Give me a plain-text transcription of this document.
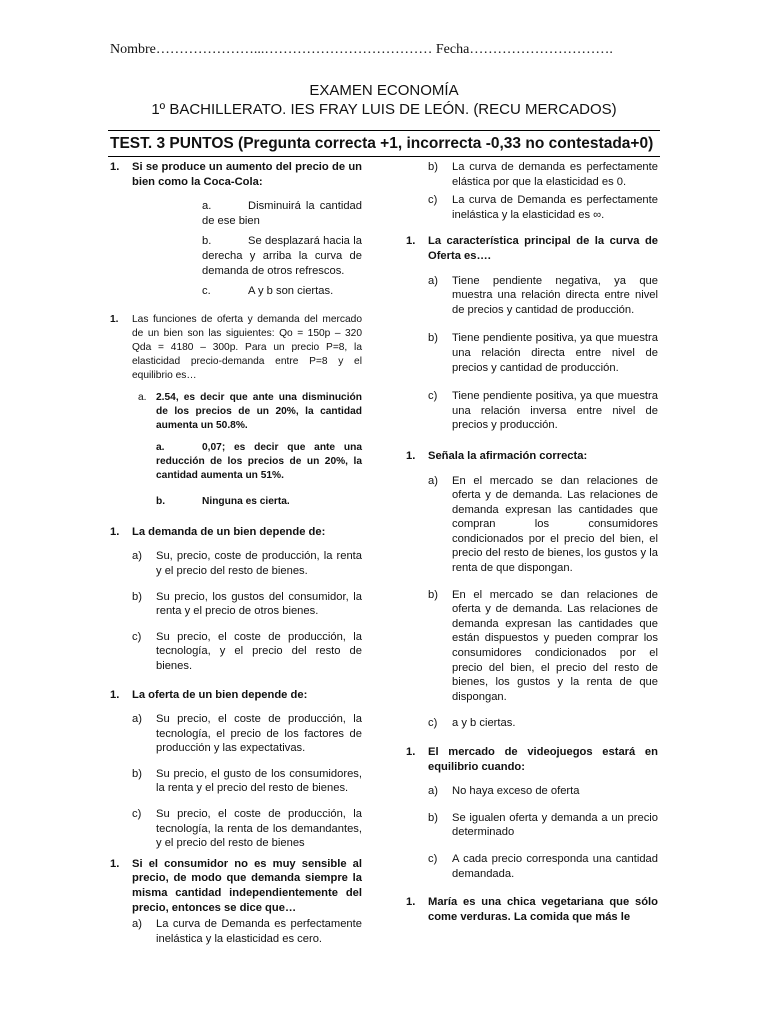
Nombre…………………...……………………………… Fecha………………………….
EXAMEN ECONOMÍA
1º BACHILLERATO. IES FRAY LUIS DE LEÓN. (RECU MERCADOS)
TEST. 3 PUNTOS (Pregunta correcta +1, incorrecta -0,33 no contestada+0)
1.	Si se produce un aumento del precio de un bien como la Coca-Cola:
a.	Disminuirá la cantidad de ese bien
b.	Se desplazará hacia la derecha y arriba la curva de demanda de otros refrescos.
c.	A y b son ciertas.
1.	Las funciones de oferta y demanda del mercado de un bien son las siguientes: Qo = 150p – 320 Qda = 4180 – 300p. Para un precio P=8, la elasticidad precio-demanda entre P=8 y el equilibrio es…
a. 2.54, es decir que ante una disminución de los precios de un 20%, la cantidad aumenta un 50.8%.
a.	0,07; es decir que ante una reducción de los precios de un 20%, la cantidad aumenta un 51%.
b.	Ninguna es cierta.
1.	La demanda de un bien depende de:
a)	Su, precio, coste de producción, la renta y el precio del resto de bienes.
b)	Su precio, los gustos del consumidor, la renta y el precio de otros bienes.
c)	Su precio, el coste de producción, la tecnología, y el precio del resto de bienes.
1.	La oferta de un bien depende de:
a)	Su precio, el coste de producción, la tecnología, el precio de los factores de producción y las expectativas.
b)	Su precio, el gusto de los consumidores, la renta y el precio del resto de bienes.
c)	Su precio, el coste de producción, la tecnología, la renta de los demandantes, y el precio del resto de bienes
1.	Si el consumidor no es muy sensible al precio, de modo que demanda siempre la misma cantidad independientemente del precio, entonces se dice que…
a)	La curva de Demanda es perfectamente inelástica y la elasticidad es cero.
b)	La curva de demanda es perfectamente elástica por que la elasticidad es 0.
c)	La curva de Demanda es perfectamente inelástica y la elasticidad es ∞.
1.	La característica principal de la curva de Oferta es….
a)	Tiene pendiente negativa, ya que muestra una relación directa entre nivel de precios y cantidad de producción.
b)	Tiene pendiente positiva, ya que muestra una relación directa entre nivel de precios y cantidad de producción.
c)	Tiene pendiente positiva, ya que muestra una relación inversa entre nivel de precios y producción.
1.	Señala la afirmación correcta:
a)	En el mercado se dan relaciones de oferta y de demanda. Las relaciones de demanda expresan las cantidades que compran los consumidores condicionados por el precio del bien, el precio del resto de bienes, los gustos y la renta de que dispongan.
b)	En el mercado se dan relaciones de oferta y de demanda. Las relaciones de demanda expresan las cantidades que están dispuestos y pueden comprar los consumidores condicionados por el precio del bien, el precio del resto de bienes, los gustos y la renta de que dispongan.
c)	a y b ciertas.
1.	El mercado de videojuegos estará en equilibrio cuando:
a)	No haya exceso de oferta
b)	Se igualen oferta y demanda a un precio determinado
c)	A cada precio corresponda una cantidad demandada.
1.	María es una chica vegetariana que sólo come verduras. La comida que más le
